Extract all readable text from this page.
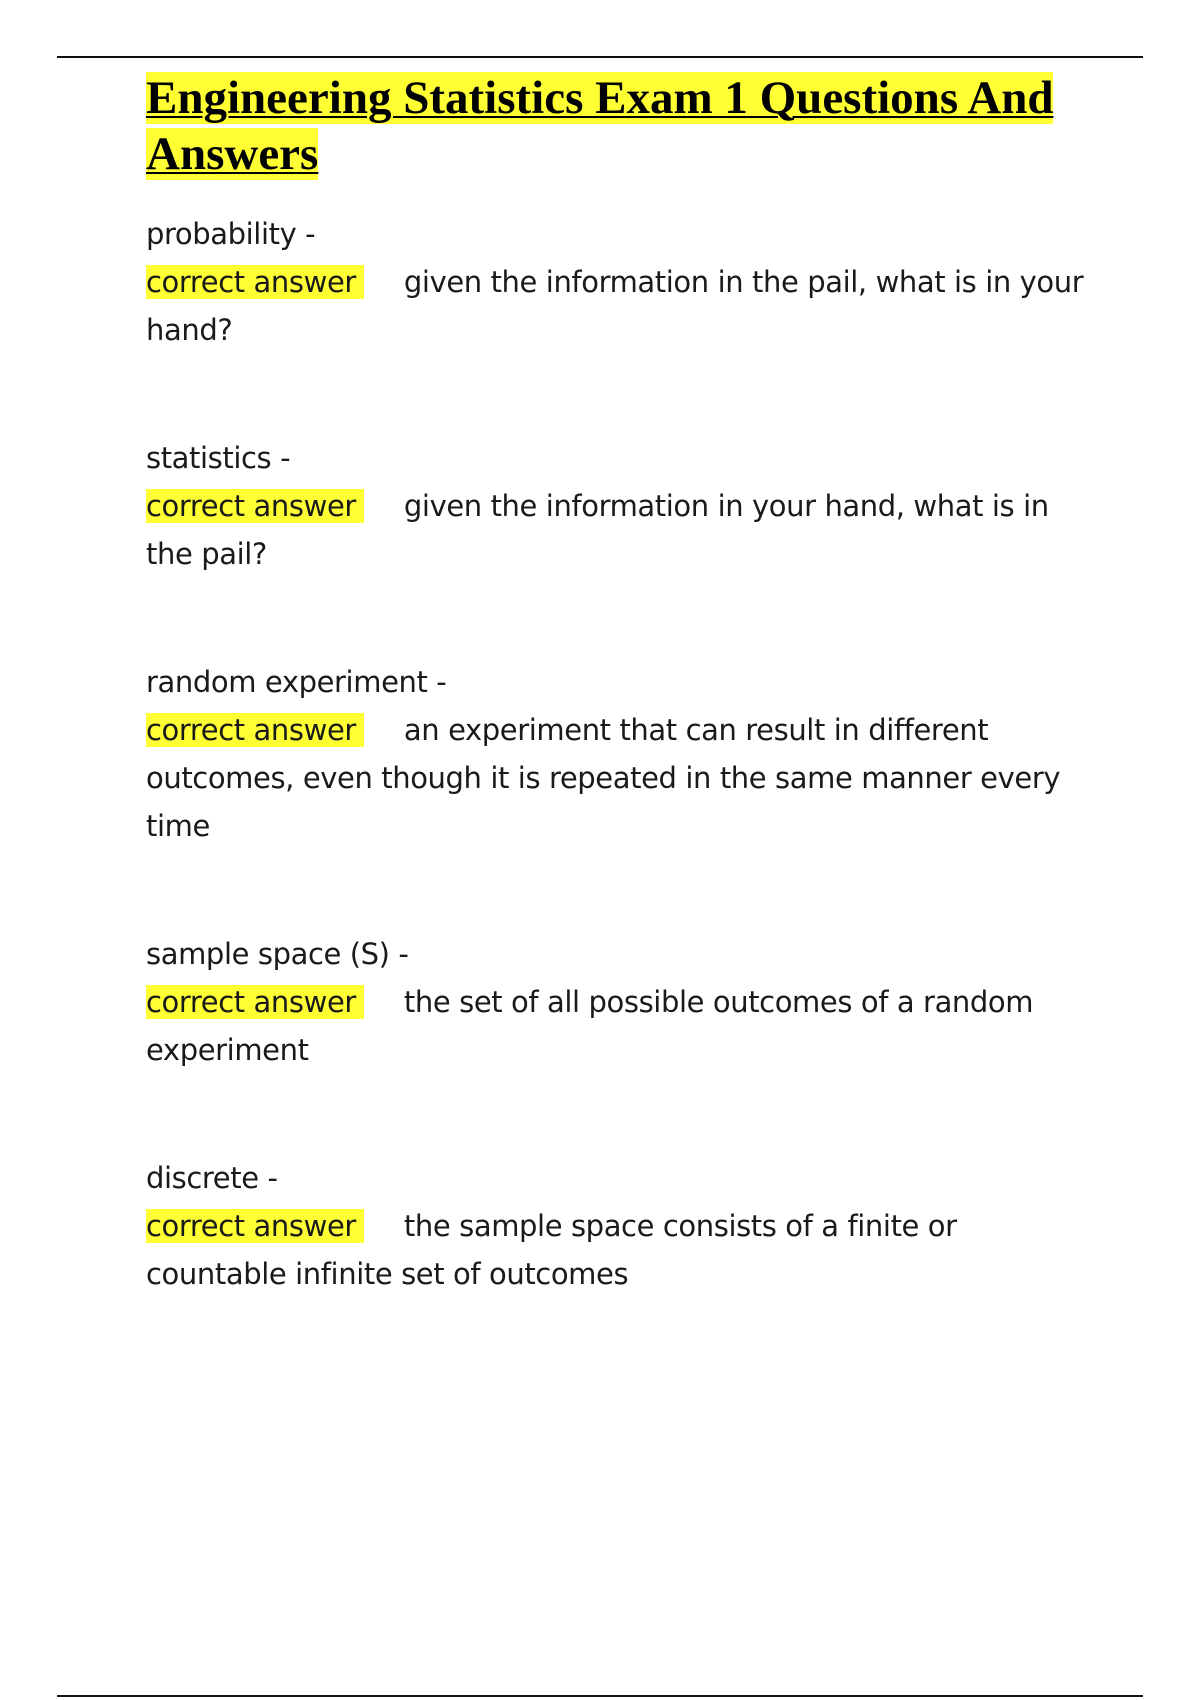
Engineering Statistics Exam 1 Questions And Answers
probability -

correct answer given the information in the pail, what is in your hand?

statistics -

correct answer given the information in your hand, what is in the pail?

random experiment -

correct answer an experiment that can result in different outcomes, even though it is repeated in the same manner every time

sample space (S) -

correct answer the set of all possible outcomes of a random experiment

discrete -

correct answer the sample space consists of a finite or countable infinite set of outcomes
